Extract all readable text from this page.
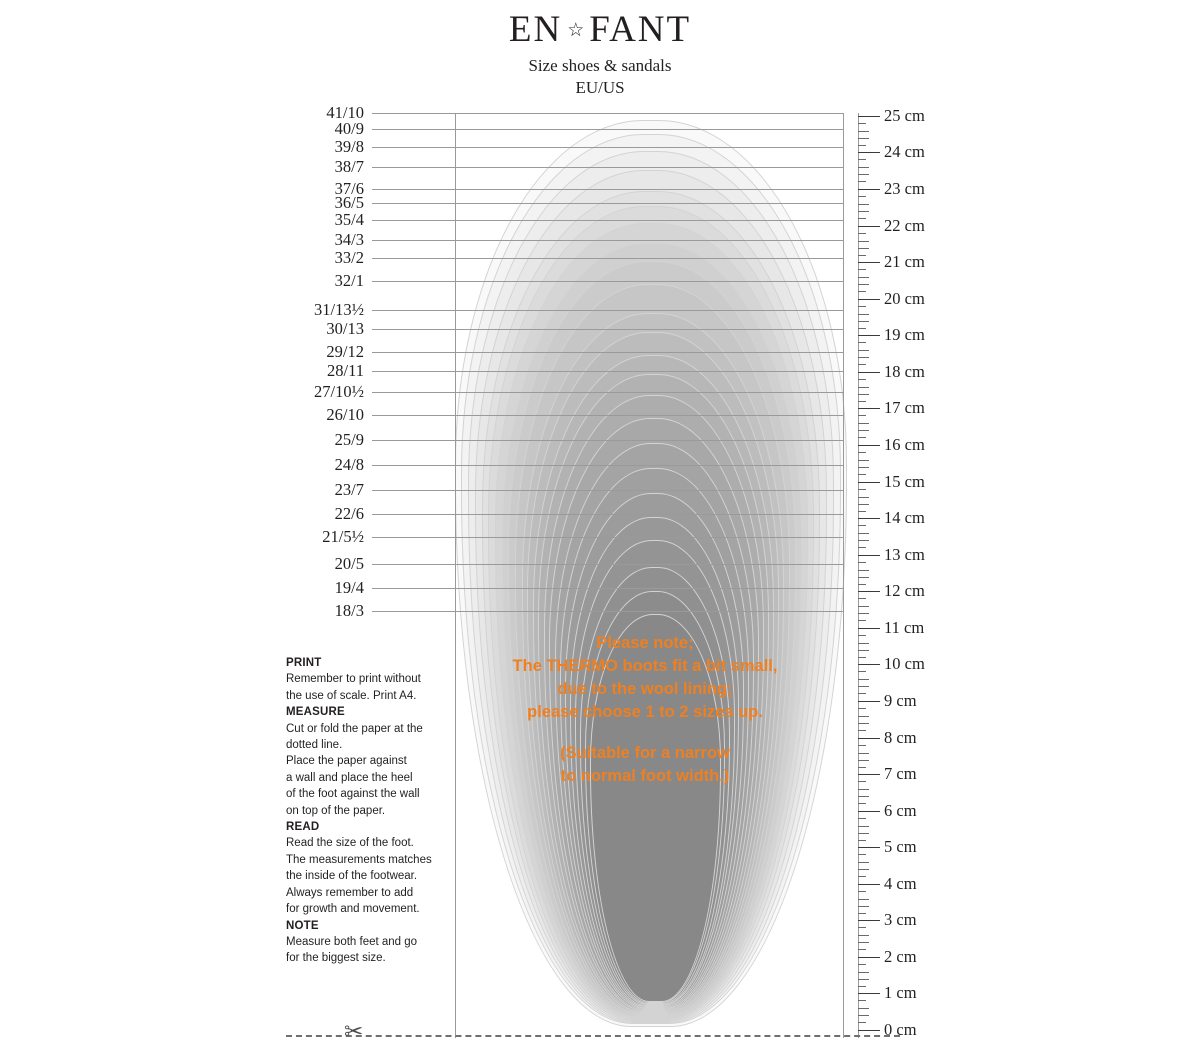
EN ☆ FANT
Size shoes & sandals
EU/US
41/10
40/9
39/8
38/7
37/6
36/5
35/4
34/3
33/2
32/1
31/13½
30/13
29/12
28/11
27/10½
26/10
25/9
24/8
23/7
22/6
21/5½
20/5
19/4
18/3
25 cm
24 cm
23 cm
22 cm
21 cm
20 cm
19 cm
18 cm
17 cm
16 cm
15 cm
14 cm
13 cm
12 cm
11 cm
10 cm
9 cm
8 cm
7 cm
6 cm
5 cm
4 cm
3 cm
2 cm
1 cm
0 cm

PRINT

Remember to print without

the use of scale. Print A4.

MEASURE

Cut or fold the paper at the

dotted line.

Place the paper against

a wall and place the heel

of the foot against the wall

on top of the paper.

READ

Read the size of the foot.

The measurements matches

the inside of the footwear.

Always remember to add

for growth and movement.

NOTE

Measure both feet and go

for the biggest size.

Please note;
The THERMO boots fit a bit small,
due to the wool lining;
please choose 1 to 2 sizes up.
(Suitable for a narrow
to normal foot width.)
✂
